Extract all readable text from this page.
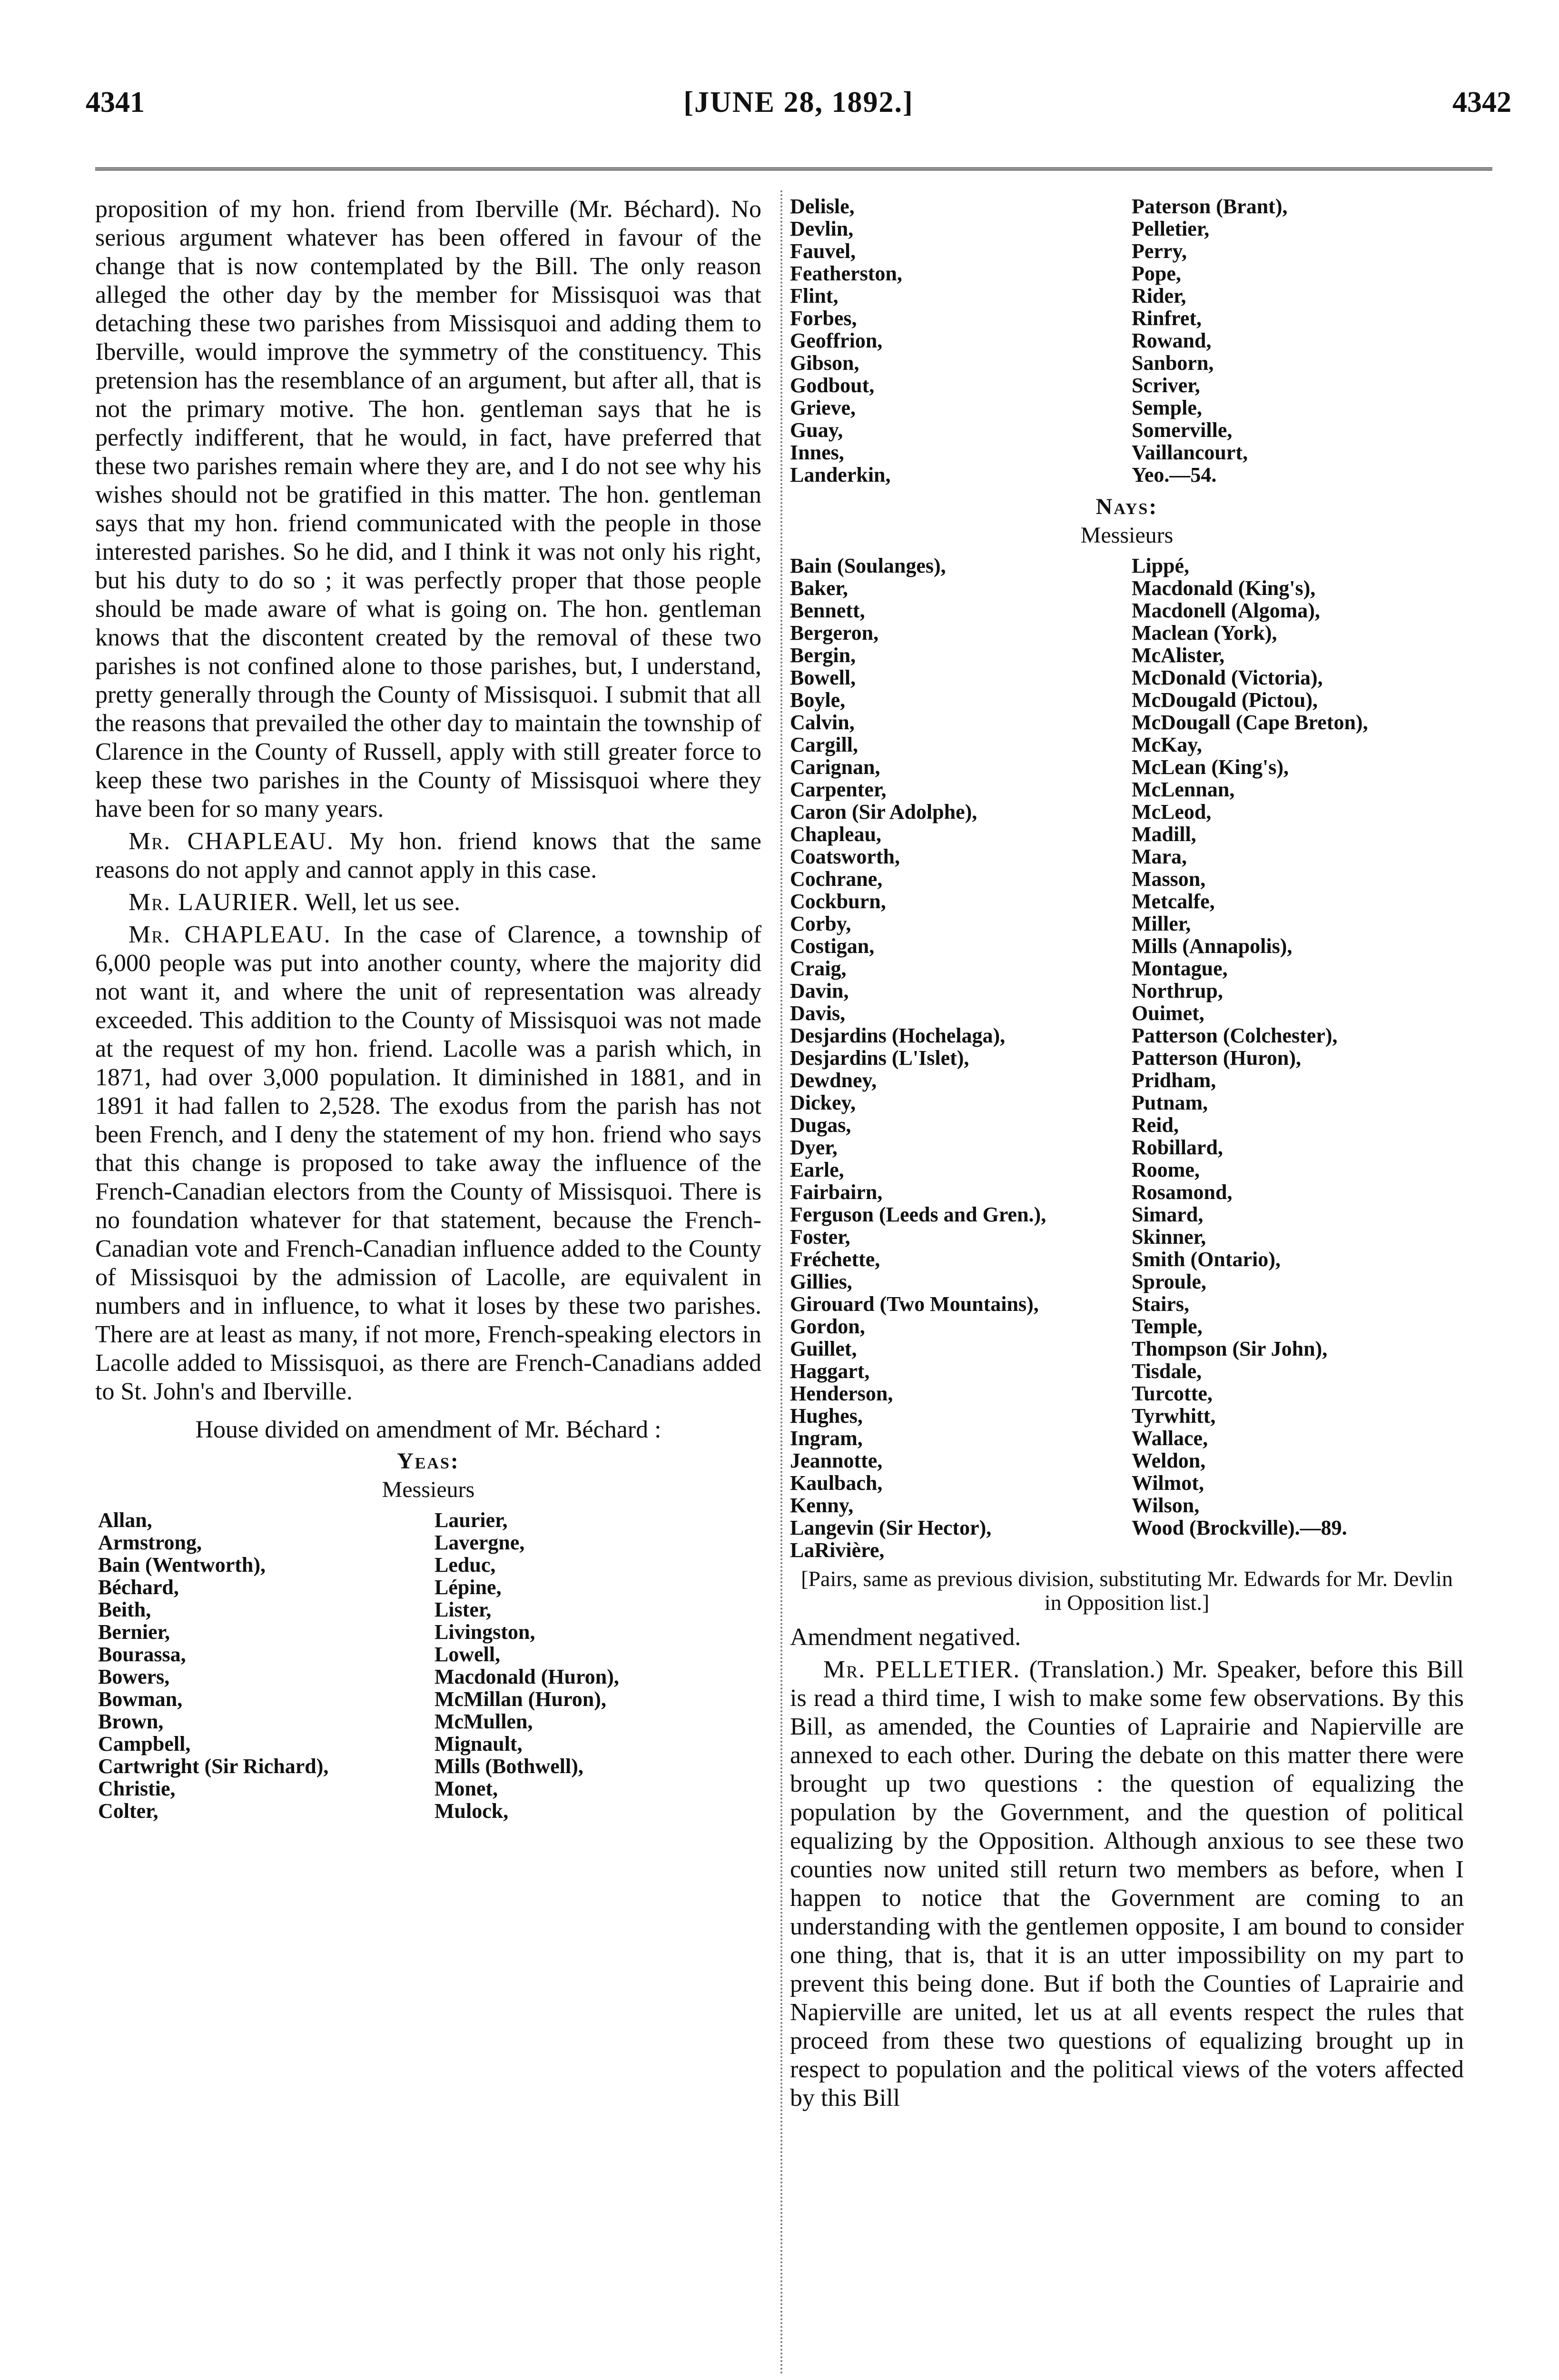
4341	[JUNE 28, 1892.]	4342

proposition of my hon. friend from Iberville (Mr. Béchard). No serious argument whatever has been offered in favour of the change that is now contemplated by the Bill. The only reason alleged the other day by the member for Missisquoi was that detaching these two parishes from Missisquoi and adding them to Iberville, would improve the symmetry of the constituency. This pretension has the resemblance of an argument, but after all, that is not the primary motive. The hon. gentleman says that he is perfectly indifferent, that he would, in fact, have preferred that these two parishes remain where they are, and I do not see why his wishes should not be gratified in this matter. The hon. gentleman says that my hon. friend communicated with the people in those interested parishes. So he did, and I think it was not only his right, but his duty to do so ; it was perfectly proper that those people should be made aware of what is going on. The hon. gentleman knows that the discontent created by the removal of these two parishes is not confined alone to those parishes, but, I understand, pretty generally through the County of Missisquoi. I submit that all the reasons that prevailed the other day to maintain the township of Clarence in the County of Russell, apply with still greater force to keep these two parishes in the County of Missisquoi where they have been for so many years.

Mr. CHAPLEAU. My hon. friend knows that the same reasons do not apply and cannot apply in this case.

Mr. LAURIER. Well, let us see.

Mr. CHAPLEAU. In the case of Clarence, a township of 6,000 people was put into another county, where the majority did not want it, and where the unit of representation was already exceeded. This addition to the County of Missisquoi was not made at the request of my hon. friend. Lacolle was a parish which, in 1871, had over 3,000 population. It diminished in 1881, and in 1891 it had fallen to 2,528. The exodus from the parish has not been French, and I deny the statement of my hon. friend who says that this change is proposed to take away the influence of the French-Canadian electors from the County of Missisquoi. There is no foundation whatever for that statement, because the French-Canadian vote and French-Canadian influence added to the County of Missisquoi by the admission of Lacolle, are equivalent in numbers and in influence, to what it loses by these two parishes. There are at least as many, if not more, French-speaking electors in Lacolle added to Missisquoi, as there are French-Canadians added to St. John's and Iberville.

House divided on amendment of Mr. Béchard :
Yeas:
Messieurs
Allan,	Laurier,
Armstrong,	Lavergne,
Bain (Wentworth),	Leduc,
Béchard,	Lépine,
Beith,	Lister,
Bernier,	Livingston,
Bourassa,	Lowell,
Bowers,	Macdonald (Huron),
Bowman,	McMillan (Huron),
Brown,	McMullen,
Campbell,	Mignault,
Cartwright (Sir Richard),	Mills (Bothwell),
Christie,	Monet,
Colter,	Mulock,
Delisle,	Paterson (Brant),
Devlin,	Pelletier,
Fauvel,	Perry,
Featherston,	Pope,
Flint,	Rider,
Forbes,	Rinfret,
Geoffrion,	Rowand,
Gibson,	Sanborn,
Godbout,	Scriver,
Grieve,	Semple,
Guay,	Somerville,
Innes,	Vaillancourt,
Landerkin,	Yeo.—54.
Nays:
Messieurs
Bain (Soulanges),	Lippé,
Baker,	Macdonald (King's),
Bennett,	Macdonell (Algoma),
Bergeron,	Maclean (York),
Bergin,	McAlister,
Bowell,	McDonald (Victoria),
Boyle,	McDougald (Pictou),
Calvin,	McDougall (Cape Breton),
Cargill,	McKay,
Carignan,	McLean (King's),
Carpenter,	McLennan,
Caron (Sir Adolphe),	McLeod,
Chapleau,	Madill,
Coatsworth,	Mara,
Cochrane,	Masson,
Cockburn,	Metcalfe,
Corby,	Miller,
Costigan,	Mills (Annapolis),
Craig,	Montague,
Davin,	Northrup,
Davis,	Ouimet,
Desjardins (Hochelaga),	Patterson (Colchester),
Desjardins (L'Islet),	Patterson (Huron),
Dewdney,	Pridham,
Dickey,	Putnam,
Dugas,	Reid,
Dyer,	Robillard,
Earle,	Roome,
Fairbairn,	Rosamond,
Ferguson (Leeds and Gren.),	Simard,
Foster,	Skinner,
Fréchette,	Smith (Ontario),
Gillies,	Sproule,
Girouard (Two Mountains),	Stairs,
Gordon,	Temple,
Guillet,	Thompson (Sir John),
Haggart,	Tisdale,
Henderson,	Turcotte,
Hughes,	Tyrwhitt,
Ingram,	Wallace,
Jeannotte,	Weldon,
Kaulbach,	Wilmot,
Kenny,	Wilson,
Langevin (Sir Hector),	Wood (Brockville).—89.
LaRivière,
[Pairs, same as previous division, substituting Mr. Edwards for Mr. Devlin in Opposition list.]

Amendment negatived.

Mr. PELLETIER. (Translation.) Mr. Speaker, before this Bill is read a third time, I wish to make some few observations. By this Bill, as amended, the Counties of Laprairie and Napierville are annexed to each other. During the debate on this matter there were brought up two questions : the question of equalizing the population by the Government, and the question of political equalizing by the Opposition. Although anxious to see these two counties now united still return two members as before, when I happen to notice that the Government are coming to an understanding with the gentlemen opposite, I am bound to consider one thing, that is, that it is an utter impossibility on my part to prevent this being done. But if both the Counties of Laprairie and Napierville are united, let us at all events respect the rules that proceed from these two questions of equalizing brought up in respect to population and the political views of the voters affected by this Bill
